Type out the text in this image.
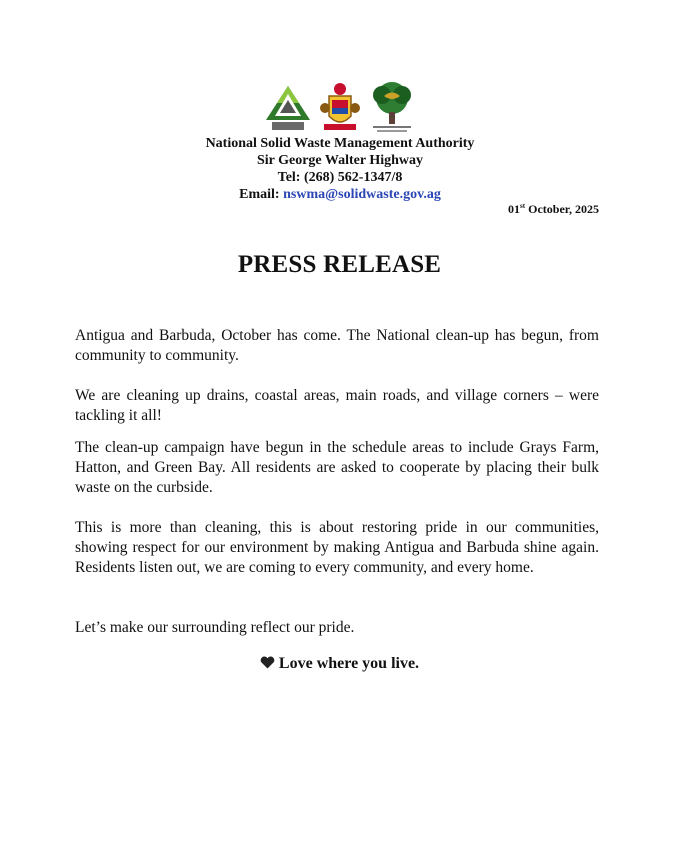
National Solid Waste Management Authority
Sir George Walter Highway
Tel: (268) 562-1347/8
Email: nswma@solidwaste.gov.ag
01st October, 2025
PRESS RELEASE

Antigua and Barbuda, October has come. The National clean-up has begun, from community to community.

We are cleaning up drains, coastal areas, main roads, and village corners – were tackling it all!

The clean-up campaign have begun in the schedule areas to include Grays Farm, Hatton, and Green Bay. All residents are asked to cooperate by placing their bulk waste on the curbside.

This is more than cleaning, this is about restoring pride in our communities, showing respect for our environment by making Antigua and Barbuda shine again. Residents listen out, we are coming to every community, and every home.

Let’s make our surrounding reflect our pride.

Love where you live.
